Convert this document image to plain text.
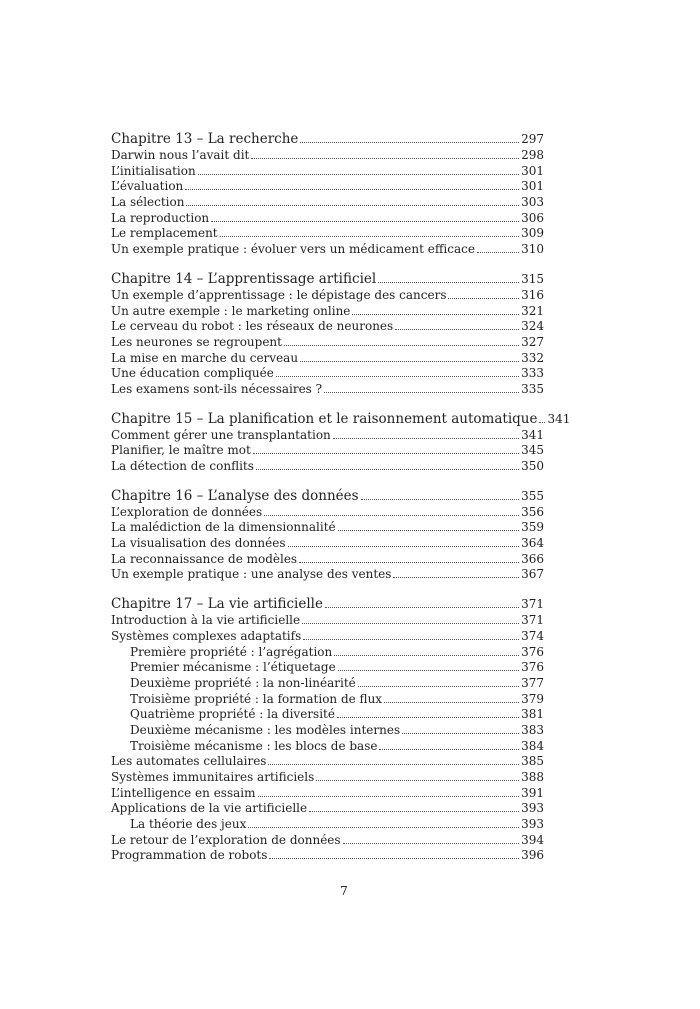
Chapitre 13 – La recherche	297
Darwin nous l’avait dit	298
L’initialisation	301
L’évaluation	301
La sélection	303
La reproduction	306
Le remplacement	309
Un exemple pratique : évoluer vers un médicament efficace	310
Chapitre 14 – L’apprentissage artificiel	315
Un exemple d’apprentissage : le dépistage des cancers	316
Un autre exemple : le marketing online	321
Le cerveau du robot : les réseaux de neurones	324
Les neurones se regroupent	327
La mise en marche du cerveau	332
Une éducation compliquée	333
Les examens sont-ils nécessaires ?	335
Chapitre 15 – La planification et le raisonnement automatique 341
Comment gérer une transplantation	341
Planifier, le maître mot	345
La détection de conflits	350
Chapitre 16 – L’analyse des données	355
L’exploration de données	356
La malédiction de la dimensionnalité	359
La visualisation des données	364
La reconnaissance de modèles	366
Un exemple pratique : une analyse des ventes	367
Chapitre 17 – La vie artificielle	371
Introduction à la vie artificielle	371
Systèmes complexes adaptatifs	374
Première propriété : l’agrégation	376
Premier mécanisme : l’étiquetage	376
Deuxième propriété : la non-linéarité	377
Troisième propriété : la formation de flux	379
Quatrième propriété : la diversité	381
Deuxième mécanisme : les modèles internes	383
Troisième mécanisme : les blocs de base	384
Les automates cellulaires	385
Systèmes immunitaires artificiels	388
L’intelligence en essaim	391
Applications de la vie artificielle	393
La théorie des jeux	393
Le retour de l’exploration de données	394
Programmation de robots	396
7
